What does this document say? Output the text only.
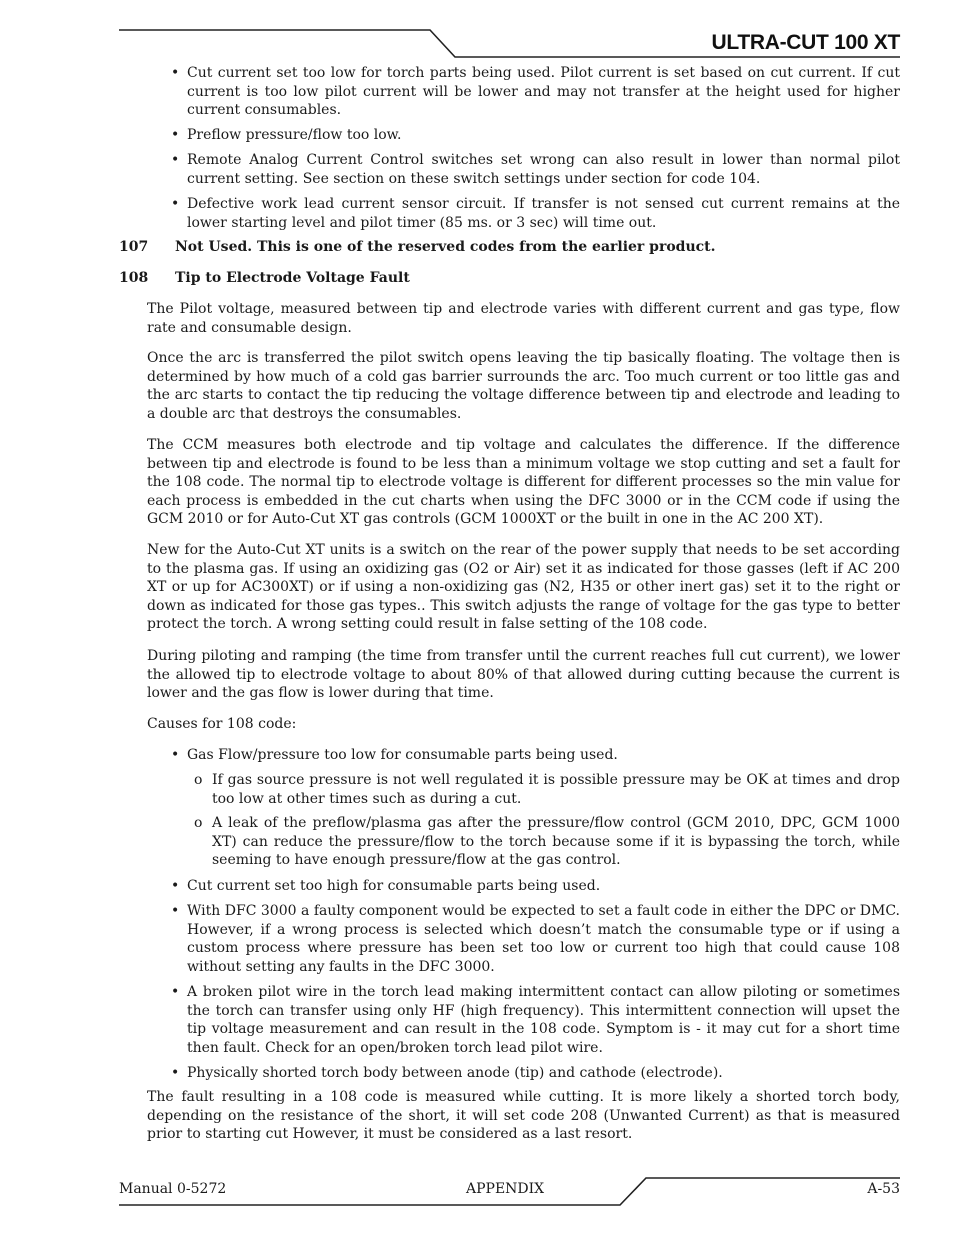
ULTRA-CUT 100 XT
• Cut current set too low for torch parts being used. Pilot current is set based on cut current. If cut current is too low pilot current will be lower and may not transfer at the height used for higher current consumables.
• Preflow pressure/flow too low.
• Remote Analog Current Control switches set wrong can also result in lower than normal pilot current setting. See section on these switch settings under section for code 104.
• Defective work lead current sensor circuit. If transfer is not sensed cut current remains at the lower starting level and pilot timer (85 ms. or 3 sec) will time out.
107 Not Used. This is one of the reserved codes from the earlier product.
108 Tip to Electrode Voltage Fault
The Pilot voltage, measured between tip and electrode varies with different current and gas type, flow rate and consumable design.
Once the arc is transferred the pilot switch opens leaving the tip basically floating. The voltage then is determined by how much of a cold gas barrier surrounds the arc. Too much current or too little gas and the arc starts to contact the tip reducing the voltage difference between tip and electrode and leading to a double arc that destroys the consumables.
The CCM measures both electrode and tip voltage and calculates the difference. If the difference between tip and electrode is found to be less than a minimum voltage we stop cutting and set a fault for the 108 code. The normal tip to electrode voltage is different for different processes so the min value for each process is embedded in the cut charts when using the DFC 3000 or in the CCM code if using the GCM 2010 or for Auto-Cut XT gas controls (GCM 1000XT or the built in one in the AC 200 XT).
New for the Auto-Cut XT units is a switch on the rear of the power supply that needs to be set according to the plasma gas. If using an oxidizing gas (O2 or Air) set it as indicated for those gasses (left if AC 200 XT or up for AC300XT) or if using a non-oxidizing gas (N2, H35 or other inert gas) set it to the right or down as indicated for those gas types.. This switch adjusts the range of voltage for the gas type to better protect the torch. A wrong setting could result in false setting of the 108 code.
During piloting and ramping (the time from transfer until the current reaches full cut current), we lower the allowed tip to electrode voltage to about 80% of that allowed during cutting because the current is lower and the gas flow is lower during that time.
Causes for 108 code:
• Gas Flow/pressure too low for consumable parts being used.
o If gas source pressure is not well regulated it is possible pressure may be OK at times and drop too low at other times such as during a cut.
o A leak of the preflow/plasma gas after the pressure/flow control (GCM 2010, DPC, GCM 1000 XT) can reduce the pressure/flow to the torch because some if it is bypassing the torch, while seeming to have enough pressure/flow at the gas control.
• Cut current set too high for consumable parts being used.
• With DFC 3000 a faulty component would be expected to set a fault code in either the DPC or DMC. However, if a wrong process is selected which doesn’t match the consumable type or if using a custom process where pressure has been set too low or current too high that could cause 108 without setting any faults in the DFC 3000.
• A broken pilot wire in the torch lead making intermittent contact can allow piloting or sometimes the torch can transfer using only HF (high frequency). This intermittent connection will upset the tip voltage measurement and can result in the 108 code. Symptom is - it may cut for a short time then fault. Check for an open/broken torch lead pilot wire.
• Physically shorted torch body between anode (tip) and cathode (electrode).
The fault resulting in a 108 code is measured while cutting. It is more likely a shorted torch body, depending on the resistance of the short, it will set code 208 (Unwanted Current) as that is measured prior to starting cut However, it must be considered as a last resort.
Manual 0-5272	APPENDIX	A-53
